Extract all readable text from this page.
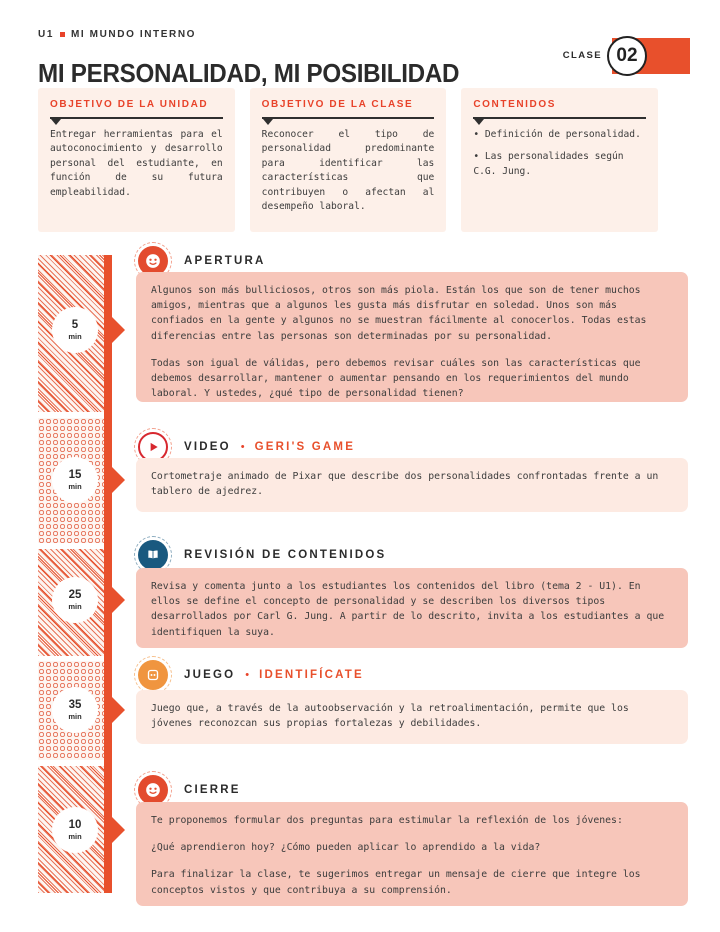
U1 MI MUNDO INTERNO
MI PERSONALIDAD, MI POSIBILIDAD
CLASE 02
OBJETIVO DE LA UNIDAD

Entregar herramientas para el autoconocimiento y desarrollo personal del estudiante, en función de su futura empleabilidad.

OBJETIVO DE LA CLASE

Reconocer el tipo de personalidad predominante para identificar las características que contribuyen o afectan al desempeño laboral.

CONTENIDOS

• Definición de personalidad.

• Las personalidades según C.G. Jung.

5
min
15
min
25
min
35
min
10
min
APERTURA

Algunos son más bulliciosos, otros son más piola. Están los que son de tener muchos amigos, mientras que a algunos les gusta más disfrutar en soledad. Unos son más confiados en la gente y algunos no se muestran fácilmente al conocerlos. Todas estas diferencias entre las personas son determinadas por su personalidad.

Todas son igual de válidas, pero debemos revisar cuáles son las características que debemos desarrollar, mantener o aumentar pensando en los requerimientos del mundo laboral. Y ustedes, ¿qué tipo de personalidad tienen?

VIDEO • GERI'S GAME

Cortometraje animado de Pixar que describe dos personalidades confrontadas frente a un tablero de ajedrez.

REVISIÓN DE CONTENIDOS

Revisa y comenta junto a los estudiantes los contenidos del libro (tema 2 - U1). En ellos se define el concepto de personalidad y se describen los diversos tipos desarrollados por Carl G. Jung. A partir de lo descrito, invita a los estudiantes a que identifiquen la suya.

JUEGO • IDENTIFÍCATE

Juego que, a través de la autoobservación y la retroalimentación, permite que los jóvenes reconozcan sus propias fortalezas y debilidades.

CIERRE

Te proponemos formular dos preguntas para estimular la reflexión de los jóvenes:

¿Qué aprendieron hoy? ¿Cómo pueden aplicar lo aprendido a la vida?

Para finalizar la clase, te sugerimos entregar un mensaje de cierre que integre los conceptos vistos y que contribuya a su comprensión.
